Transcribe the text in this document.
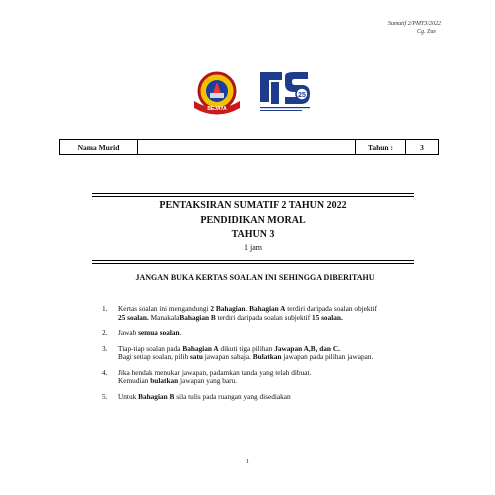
Sumatif 2/PMT3/2022
Cg. Zue
BEJAYA
25
Nama Murid	Tahun :	3
PENTAKSIRAN SUMATIF 2 TAHUN 2022
PENDIDIKAN MORAL
TAHUN 3
1 jam
JANGAN BUKA KERTAS SOALAN INI SEHINGGA DIBERITAHU
1. Kertas soalan ini mengandungi 2 Bahagian. Bahagian A terdiri daripada soalan objektif
25 soalan. ManakalaBahagian B terdiri daripada soalan subjektif 15 soalan.
2. Jawab semua soalan.
3. Tiap-tiap soalan pada Bahagian A dikuti tiga pilihan Jawapan A,B, dan C.
Bagi setiap soalan, pilih satu jawapan sahaja. Bulatkan jawapan pada pilihan jawapan.
4. Jika hendak menukar jawapan, padamkan tanda yang telah dibuat.
Kemudian bulatkan jawapan yang baru.
5. Untuk Bahagian B sila tulis pada ruangan yang disediakan
1
